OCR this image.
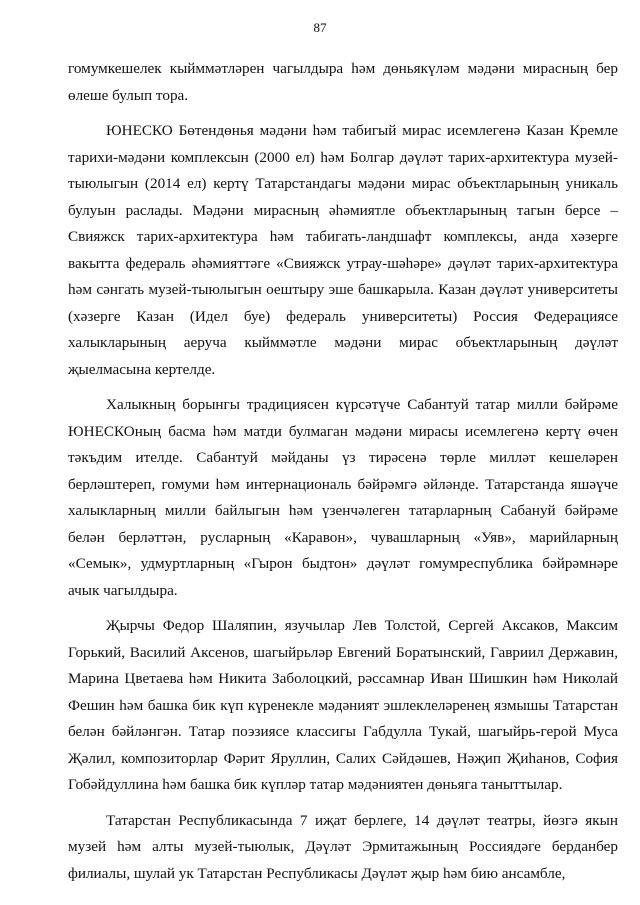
87

гомумкешелек кыйммәтләрен чагылдыра һәм дөньякүләм мәдәни мирасның бер өлеше булып тора.

ЮНЕСКО Бөтендөнья мәдәни һәм табигый мирас исемлегенә Казан Кремле тарихи-мәдәни комплексын (2000 ел) һәм Болгар дәүләт тарих-архитектура музей-тыюлыгын (2014 ел) кертү Татарстандагы мәдәни мирас объектларының уникаль булуын раслады. Мәдәни мирасның әһәмиятле объектларының тагын берсе – Свияжск тарих-архитектура һәм табигать-ландшафт комплексы, анда хәзерге вакытта федераль әһәмияттәге «Свияжск утрау-шәһәре» дәүләт тарих-архитектура һәм сәнгать музей-тыюлыгын оештыру эше башкарыла. Казан дәүләт университеты (хәзерге Казан (Идел буе) федераль университеты) Россия Федерациясе халыкларының аеруча кыйммәтле мәдәни мирас объектларының дәүләт җыелмасына кертелде.

Халыкның борынгы традициясен күрсәтүче Сабантуй татар милли бәйрәме ЮНЕСКОның басма һәм матди булмаган мәдәни мирасы исемлегенә кертү өчен тәкъдим ителде. Сабантуй мәйданы үз тирәсенә төрле милләт кешеләрен берләштереп, гомуми һәм интернациональ бәйрәмгә әйләнде. Татарстанда яшәүче халыкларның милли байлыгын һәм үзенчәлеген татарларның Сабануй бәйрәме белән берләттән, русларның «Каравон», чувашларның «Уяв», марийларның «Семык», удмуртларның «Гырон быдтон» дәүләт гомумреспублика бәйрәмнәре ачык чагылдыра.

Җырчы Федор Шаляпин, язучылар Лев Толстой, Сергей Аксаков, Максим Горький, Василий Аксенов, шагыйрьләр Евгений Боратынский, Гавриил Державин, Марина Цветаева һәм Никита Заболоцкий, рәссамнар Иван Шишкин һәм Николай Фешин һәм башка бик күп күренекле мәдәният эшлеклеләренең язмышы Татарстан белән бәйләнгән. Татар поэзиясе классигы Габдулла Тукай, шагыйрь-герой Муса Җәлил, композиторлар Фәрит Яруллин, Салих Сәйдәшев, Нәҗип Җиһанов, София Гобәйдуллина һәм башка бик күпләр татар мәдәниятен дөньяга таныттылар.

Татарстан Республикасында 7 иҗат берлеге, 14 дәүләт театры, йөзгә якын музей һәм алты музей-тыюлык, Дәүләт Эрмитажының Россиядәге берданбер филиалы, шулай ук Татарстан Республикасы Дәүләт җыр һәм бию ансамбле,
